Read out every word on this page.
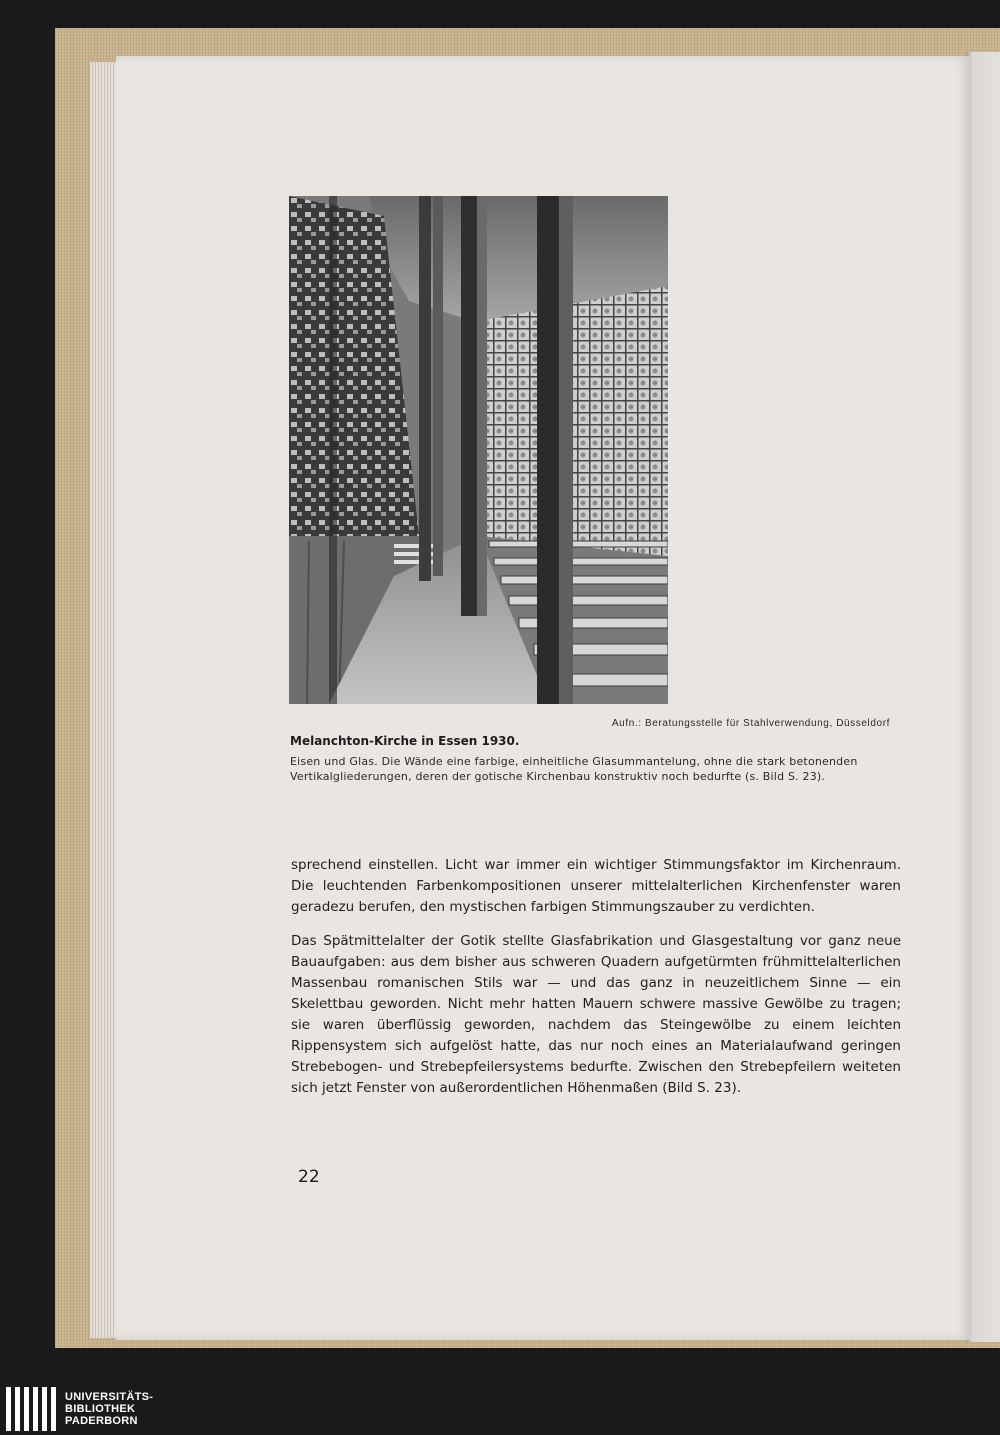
Aufn.: Beratungsstelle für Stahlverwendung, Düsseldorf
Melanchton-Kirche in Essen 1930.
Eisen und Glas. Die Wände eine farbige, einheitliche Glasummantelung, ohne die stark betonenden
Vertikalgliederungen, deren der gotische Kirchenbau konstruktiv noch bedurfte (s. Bild S. 23).

sprechend einstellen. Licht war immer ein wichtiger Stimmungsfaktor im Kirchenraum. Die leuchtenden Farbenkompositionen unserer mittelalterlichen Kirchenfenster waren geradezu berufen, den mystischen farbigen Stimmungszauber zu verdichten.

Das Spätmittelalter der Gotik stellte Glasfabrikation und Glasgestaltung vor ganz neue Bauaufgaben: aus dem bisher aus schweren Quadern aufgetürmten frühmittelalterlichen Massenbau romanischen Stils war — und das ganz in neuzeitlichem Sinne — ein Skelettbau geworden. Nicht mehr hatten Mauern schwere massive Gewölbe zu tragen; sie waren überflüssig geworden, nachdem das Steingewölbe zu einem leichten Rippensystem sich aufgelöst hatte, das nur noch eines an Materialaufwand geringen Strebebogen- und Strebepfeilersystems bedurfte. Zwischen den Strebepfeilern weiteten sich jetzt Fenster von außerordentlichen Höhenmaßen (Bild S. 23).

22
UNIVERSITÄTS-
BIBLIOTHEK
PADERBORN
